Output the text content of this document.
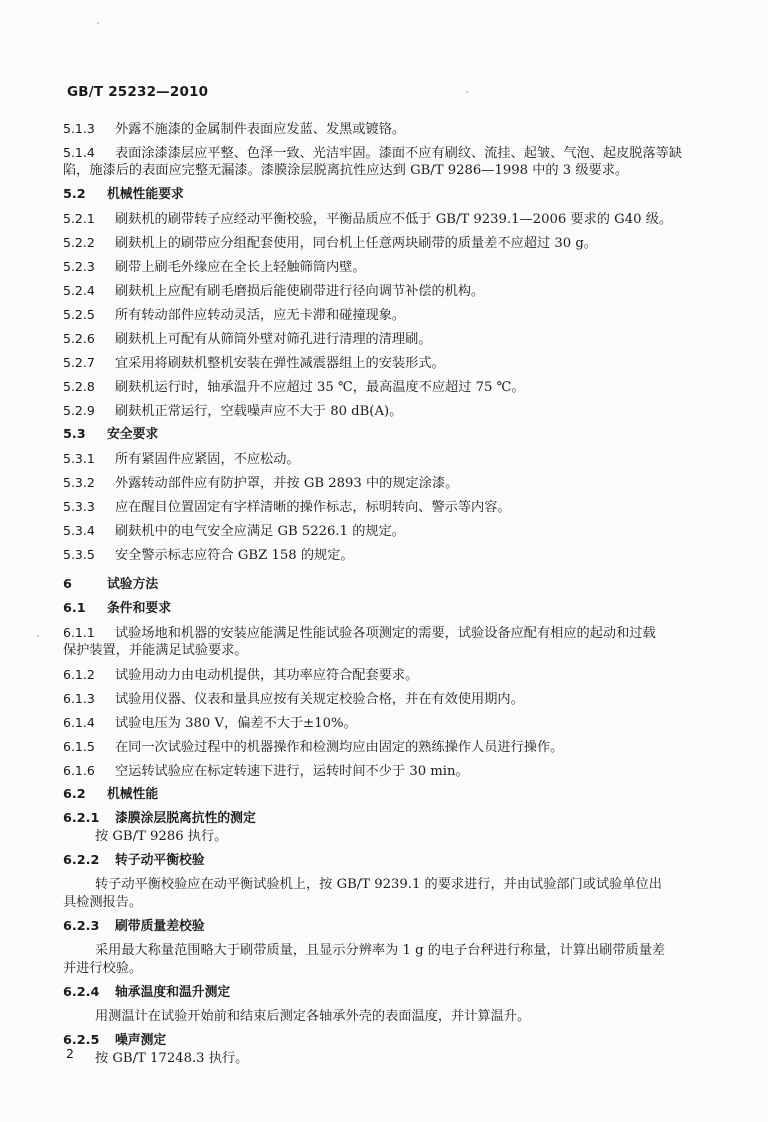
GB/T 25232—2010
5.1.3 外露不施漆的金属制件表面应发蓝、发黑或镀铬。
5.1.4 表面涂漆漆层应平整、色泽一致、光洁牢固。漆面不应有刷纹、流挂、起皱、气泡、起皮脱落等缺
陷，施漆后的表面应完整无漏漆。漆膜涂层脱离抗性应达到 GB/T 9286—1998 中的 3 级要求。
5.2 机械性能要求
5.2.1 刷麸机的刷带转子应经动平衡校验，平衡品质应不低于 GB/T 9239.1—2006 要求的 G40 级。
5.2.2 刷麸机上的刷带应分组配套使用，同台机上任意两块刷带的质量差不应超过 30 g。
5.2.3 刷带上刷毛外缘应在全长上轻触筛筒内壁。
5.2.4 刷麸机上应配有刷毛磨损后能使刷带进行径向调节补偿的机构。
5.2.5 所有转动部件应转动灵活，应无卡滞和碰撞现象。
5.2.6 刷麸机上可配有从筛筒外壁对筛孔进行清理的清理刷。
5.2.7 宜采用将刷麸机整机安装在弹性减震器组上的安装形式。
5.2.8 刷麸机运行时，轴承温升不应超过 35 ℃，最高温度不应超过 75 ℃。
5.2.9 刷麸机正常运行，空载噪声应不大于 80 dB(A)。
5.3 安全要求
5.3.1 所有紧固件应紧固，不应松动。
5.3.2 外露转动部件应有防护罩，并按 GB 2893 中的规定涂漆。
5.3.3 应在醒目位置固定有字样清晰的操作标志，标明转向、警示等内容。
5.3.4 刷麸机中的电气安全应满足 GB 5226.1 的规定。
5.3.5 安全警示标志应符合 GBZ 158 的规定。
6	试验方法
6.1 条件和要求
6.1.1 试验场地和机器的安装应能满足性能试验各项测定的需要，试验设备应配有相应的起动和过载
保护装置，并能满足试验要求。
6.1.2 试验用动力由电动机提供，其功率应符合配套要求。
6.1.3 试验用仪器、仪表和量具应按有关规定校验合格，并在有效使用期内。
6.1.4 试验电压为 380 V，偏差不大于±10%。
6.1.5 在同一次试验过程中的机器操作和检测均应由固定的熟练操作人员进行操作。
6.1.6 空运转试验应在标定转速下进行，运转时间不少于 30 min。
6.2 机械性能
6.2.1 漆膜涂层脱离抗性的测定
按 GB/T 9286 执行。
6.2.2 转子动平衡校验
转子动平衡校验应在动平衡试验机上，按 GB/T 9239.1 的要求进行，并由试验部门或试验单位出
具检测报告。
6.2.3 刷带质量差校验
采用最大称量范围略大于刷带质量，且显示分辨率为 1 g 的电子台秤进行称量，计算出刷带质量差
并进行校验。
6.2.4 轴承温度和温升测定
用测温计在试验开始前和结束后测定各轴承外壳的表面温度，并计算温升。
6.2.5 噪声测定
按 GB/T 17248.3 执行。
2
